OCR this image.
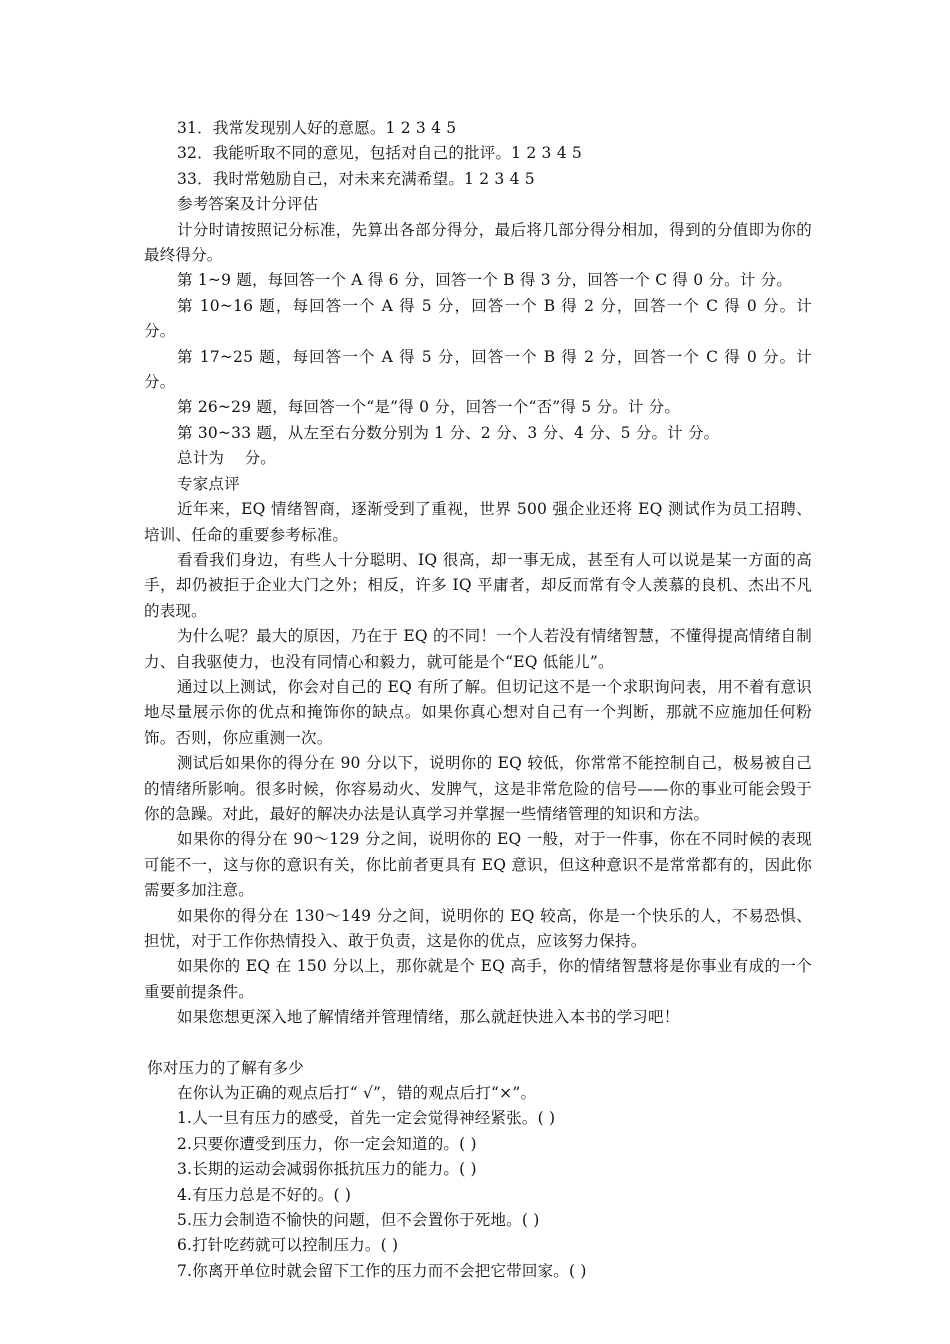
31．我常发现别人好的意愿。1 2 3 4 5

32．我能听取不同的意见，包括对自己的批评。1 2 3 4 5

33．我时常勉励自己，对未来充满希望。1 2 3 4 5

参考答案及计分评估

计分时请按照记分标准，先算出各部分得分，最后将几部分得分相加，得到的分值即为你的最终得分。

第 1~9 题，每回答一个 A 得 6 分，回答一个 B 得 3 分，回答一个 C 得 0 分。计 分。

第 10~16 题，每回答一个 A 得 5 分，回答一个 B 得 2 分，回答一个 C 得 0 分。计 分。

第 17~25 题，每回答一个 A 得 5 分，回答一个 B 得 2 分，回答一个 C 得 0 分。计 分。

第 26~29 题，每回答一个“是”得 0 分，回答一个“否”得 5 分。计 分。

第 30~33 题，从左至右分数分别为 1 分、2 分、3 分、4 分、5 分。计 分。

总计为    分。

专家点评

近年来，EQ 情绪智商，逐渐受到了重视，世界 500 强企业还将 EQ 测试作为员工招聘、培训、任命的重要参考标准。

看看我们身边，有些人十分聪明、IQ 很高，却一事无成，甚至有人可以说是某一方面的高手，却仍被拒于企业大门之外；相反，许多 IQ 平庸者，却反而常有令人羡慕的良机、杰出不凡的表现。

为什么呢？最大的原因，乃在于 EQ 的不同！一个人若没有情绪智慧，不懂得提高情绪自制力、自我驱使力，也没有同情心和毅力，就可能是个“EQ 低能儿”。

通过以上测试，你会对自己的 EQ 有所了解。但切记这不是一个求职询问表，用不着有意识地尽量展示你的优点和掩饰你的缺点。如果你真心想对自己有一个判断，那就不应施加任何粉饰。否则，你应重测一次。

测试后如果你的得分在 90 分以下，说明你的 EQ 较低，你常常不能控制自己，极易被自己的情绪所影响。很多时候，你容易动火、发脾气，这是非常危险的信号——你的事业可能会毁于你的急躁。对此，最好的解决办法是认真学习并掌握一些情绪管理的知识和方法。

如果你的得分在 90～129 分之间，说明你的 EQ 一般，对于一件事，你在不同时候的表现可能不一，这与你的意识有关，你比前者更具有 EQ 意识，但这种意识不是常常都有的，因此你需要多加注意。

如果你的得分在 130～149 分之间，说明你的 EQ 较高，你是一个快乐的人，不易恐惧、担忧，对于工作你热情投入、敢于负责，这是你的优点，应该努力保持。

如果你的 EQ 在 150 分以上，那你就是个 EQ 高手，你的情绪智慧将是你事业有成的一个重要前提条件。

如果您想更深入地了解情绪并管理情绪，那么就赶快进入本书的学习吧！

你对压力的了解有多少

在你认为正确的观点后打“ √”，错的观点后打“×”。

1.人一旦有压力的感受，首先一定会觉得神经紧张。( )

2.只要你遭受到压力，你一定会知道的。( )

3.长期的运动会减弱你抵抗压力的能力。( )

4.有压力总是不好的。( )

5.压力会制造不愉快的问题，但不会置你于死地。( )

6.打针吃药就可以控制压力。( )

7.你离开单位时就会留下工作的压力而不会把它带回家。( )
